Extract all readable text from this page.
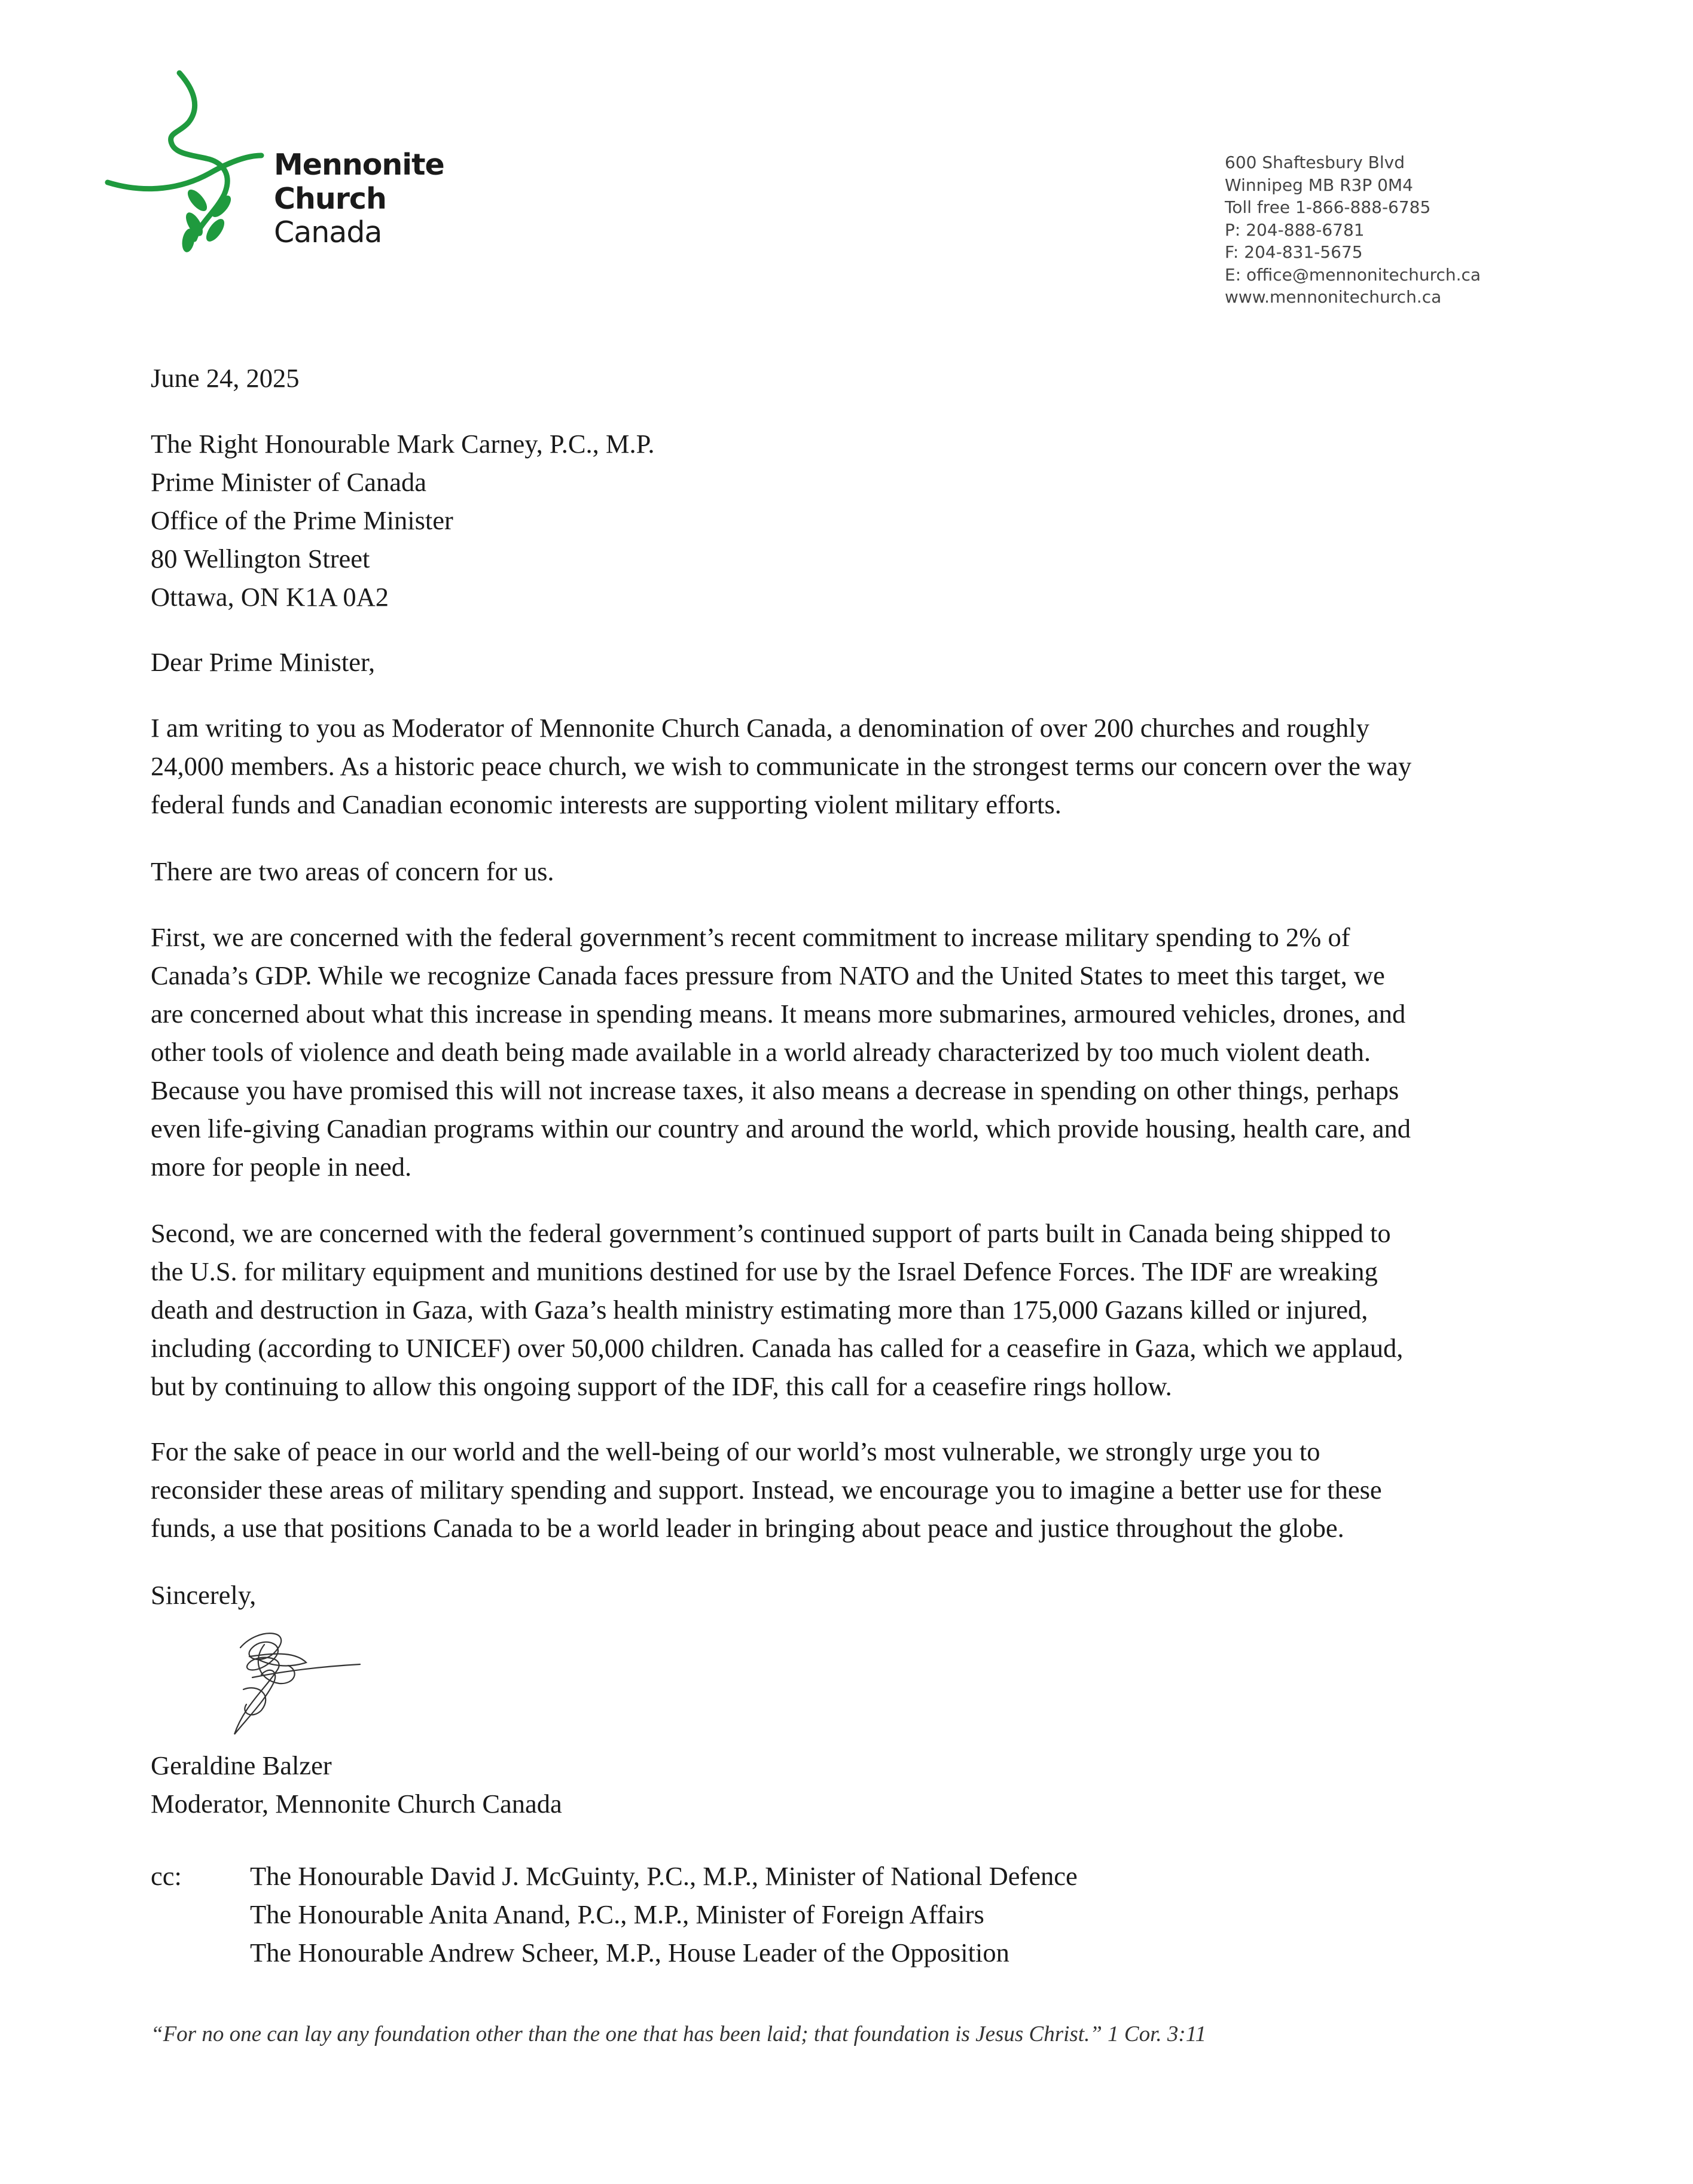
Mennonite
Church
Canada
600 Shaftesbury Blvd
Winnipeg MB R3P 0M4
Toll free 1-866-888-6785
P: 204-888-6781
F: 204-831-5675
E: office@mennonitechurch.ca
www.mennonitechurch.ca
June 24, 2025
The Right Honourable Mark Carney, P.C., M.P.
Prime Minister of Canada
Office of the Prime Minister
80 Wellington Street
Ottawa, ON K1A 0A2
Dear Prime Minister,
I am writing to you as Moderator of Mennonite Church Canada, a denomination of over 200 churches and roughly
24,000 members. As a historic peace church, we wish to communicate in the strongest terms our concern over the way
federal funds and Canadian economic interests are supporting violent military efforts.
There are two areas of concern for us.
First, we are concerned with the federal government’s recent commitment to increase military spending to 2% of
Canada’s GDP. While we recognize Canada faces pressure from NATO and the United States to meet this target, we
are concerned about what this increase in spending means. It means more submarines, armoured vehicles, drones, and
other tools of violence and death being made available in a world already characterized by too much violent death.
Because you have promised this will not increase taxes, it also means a decrease in spending on other things, perhaps
even life-giving Canadian programs within our country and around the world, which provide housing, health care, and
more for people in need.
Second, we are concerned with the federal government’s continued support of parts built in Canada being shipped to
the U.S. for military equipment and munitions destined for use by the Israel Defence Forces. The IDF are wreaking
death and destruction in Gaza, with Gaza’s health ministry estimating more than 175,000 Gazans killed or injured,
including (according to UNICEF) over 50,000 children. Canada has called for a ceasefire in Gaza, which we applaud,
but by continuing to allow this ongoing support of the IDF, this call for a ceasefire rings hollow.
For the sake of peace in our world and the well-being of our world’s most vulnerable, we strongly urge you to
reconsider these areas of military spending and support. Instead, we encourage you to imagine a better use for these
funds, a use that positions Canada to be a world leader in bringing about peace and justice throughout the globe.
Sincerely,
Geraldine Balzer
Moderator, Mennonite Church Canada
cc:	The Honourable David J. McGuinty, P.C., M.P., Minister of National Defence
The Honourable Anita Anand, P.C., M.P., Minister of Foreign Affairs
The Honourable Andrew Scheer, M.P., House Leader of the Opposition
“For no one can lay any foundation other than the one that has been laid; that foundation is Jesus Christ.” 1 Cor. 3:11
